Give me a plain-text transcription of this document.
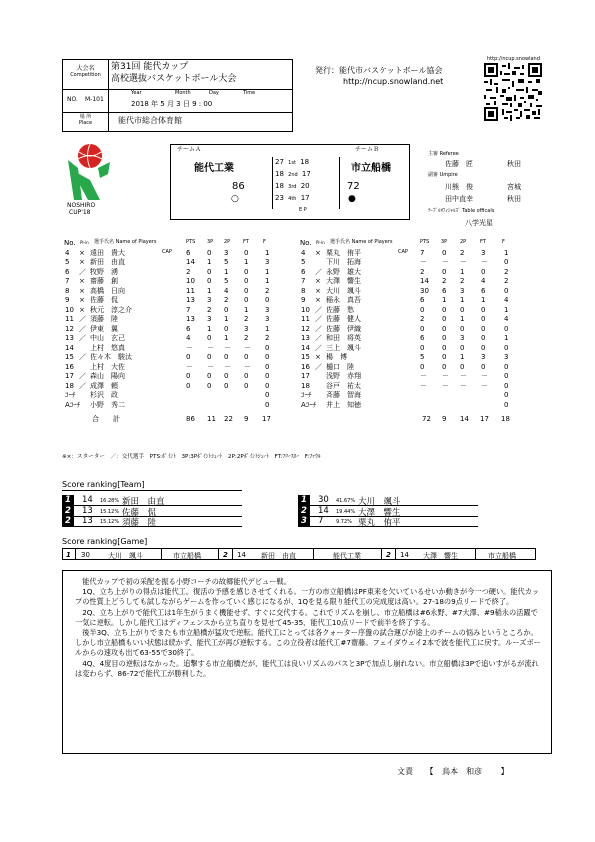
大会名
Competition
第31回 能代カップ
高校選抜バスケットボール大会
NO. M-101
Year	Month	Day	Time
2018 年 5 月 3 日 9 : 00
場 所
Place	能代市総合体育館
発行：能代市バスケットボール協会
http://ncup.snowland.net
http://ncup.snowland
NOSHIRO
CUP'18
チームＡ	チームＢ
能代工業	市立船橋
86	72
○	●
27 1st 18
18 2nd 17
18 3rd 20
23 4th 17
E P
主審 Referee
佐藤　匠	秋田
副審 Umpire
川熊　俊	宮城
田中直幸	秋田
ﾃｰﾌﾞﾙｵﾌｨｼｬﾙｽﾞ Table officals
八学光星
No. Pl-in 選手氏名 Name of Players	PTS 3P 2P	FT	F
4 × 遠田　貴大	CAP 6 0 3 0 1
5 × 新田　由直	14 1 5 1 3
6 ／ 牧野　湧	2 0 1 0 1
7 × 齋藤　創	10 0 5 0 1
8 × 高橋　日向	11 1 4 0 2
9 × 佐藤　侃	13 3 2 0 0
10 × 秋元　淳之介	7 2 0 1 3
11 ／ 須藤　陸	13 3 1 2 3
12 ／ 伊東　翼	6 1 0 3 1
13 ／ 中山　玄己	4 0 1 2 2
14 上村　悠真	－ － － － 0
15 ／ 佐々木　駿汰	0 0 0 0 0
16 上村　大佐	－ － － － 0
17 ／ 森山　陽向	0 0 0 0 0
18 ／ 成澤　頼	0 0 0 0 0
ｺｰﾁ 杉沢　政	0
Aｺｰﾁ 小野　秀二	0
合　　計	86 11 22 9 17
No. Pl-in 選手氏名 Name of Players	PTS 3P	2P	FT	F
4 × 栗丸　侑平	CAP 7	0 2 3	1
5	下川　拓海	－ － － － 0
6 ／ 永野　雄大	2	0 1 0	2
7 × 大澤　響生	14 2 2 4	2
8 × 大川　颯斗	30 6 3 6	0
9 × 稲永　真吾	6	1 1 1	4
10 ／ 佐藤　愁	0	0 0 0	1
11 ／ 佐藤　健人	2	0 1 0	4
12 ／ 佐藤　伊織	0	0 0 0	0
13 ／ 和田　将英	6	0 3 0	1
14 ／ 三上　颯斗	0	0 0 0	0
15 × 楊　博	5	0 1 3	3
16 ／ 樋口　陸	0	0 0 0	0
17 浅野　赤翔	－ － － － 0
18 谷戸　祐太	－ － － － 0
ｺｰﾁ 斉藤　智海	0
Aｺｰﾁ 井上　知徳	0
72 9 14 17 18
※×：スターター　／：交代選手　PTS:ﾎﾟｲﾝﾄ　3P:3Pﾎﾟｲﾝﾄｼｭｰﾄ　2P:2Pﾎﾟｲﾝﾄｼｭｰﾄ　FT:ﾌﾘｰｽﾛｰ　F:ﾌｧｳﾙ
Score ranking[Team]
1 14 16.28% 新田　由直
2 13 15.12% 佐藤　侃
2 13 15.12% 須藤　陸
1 30 41.67% 大川　颯斗
2 14 19.44% 大澤　響生
3 7	9.72% 栗丸　侑平
Score ranking[Game]
1 30	大川　颯斗	市立船橋	2 14 新田　由直	能代工業	2 14 大澤　響生	市立船橋

　能代カップで初の采配を振る小野コーチの故郷能代デビュー戦。

　1Q、立ち上がりの得点は能代工。復活の予感を感じさせてくれる。一方の市立船橋はPF東来を欠いているせいか動きが今一つ硬い。能代カップの性質上どうしても試しながらゲームを作っていく感じになるが、1Qを見る限り能代工の完成度は高い。27-18の9点リードで終了。

　2Q、立ち上がりで能代工は1年生がうまく機能せず、すぐに交代する。これでリズムを崩し、市立船橋は#6永野、#7大澤、#9稲永の活躍で一気に逆転。しかし能代工はディフェンスから立ち直りを見せて45-35、能代工10点リードで前半を終了する。

　後半3Q、立ち上がりでまたも市立船橋が猛攻で逆転。能代工にとっては各クォーター序盤の試合運びが途上のチームの悩みというところか。しかし市立船橋もいい状態は続かず、能代工が再び逆転する。この立役者は能代工#7齋藤。フェイダウェイ2本で波を能代工に戻す。ルーズボールからの速攻も出て63-55で30終了。

　4Q、4度目の逆転はなかった。追撃する市立船橋だが、能代工は良いリズムのパスと3Pで加点し崩れない。市立船橋は3Pで追いすがるが流れは変わらず、86-72で能代工が勝利した。

文責 【 鳥本　和彦 】
